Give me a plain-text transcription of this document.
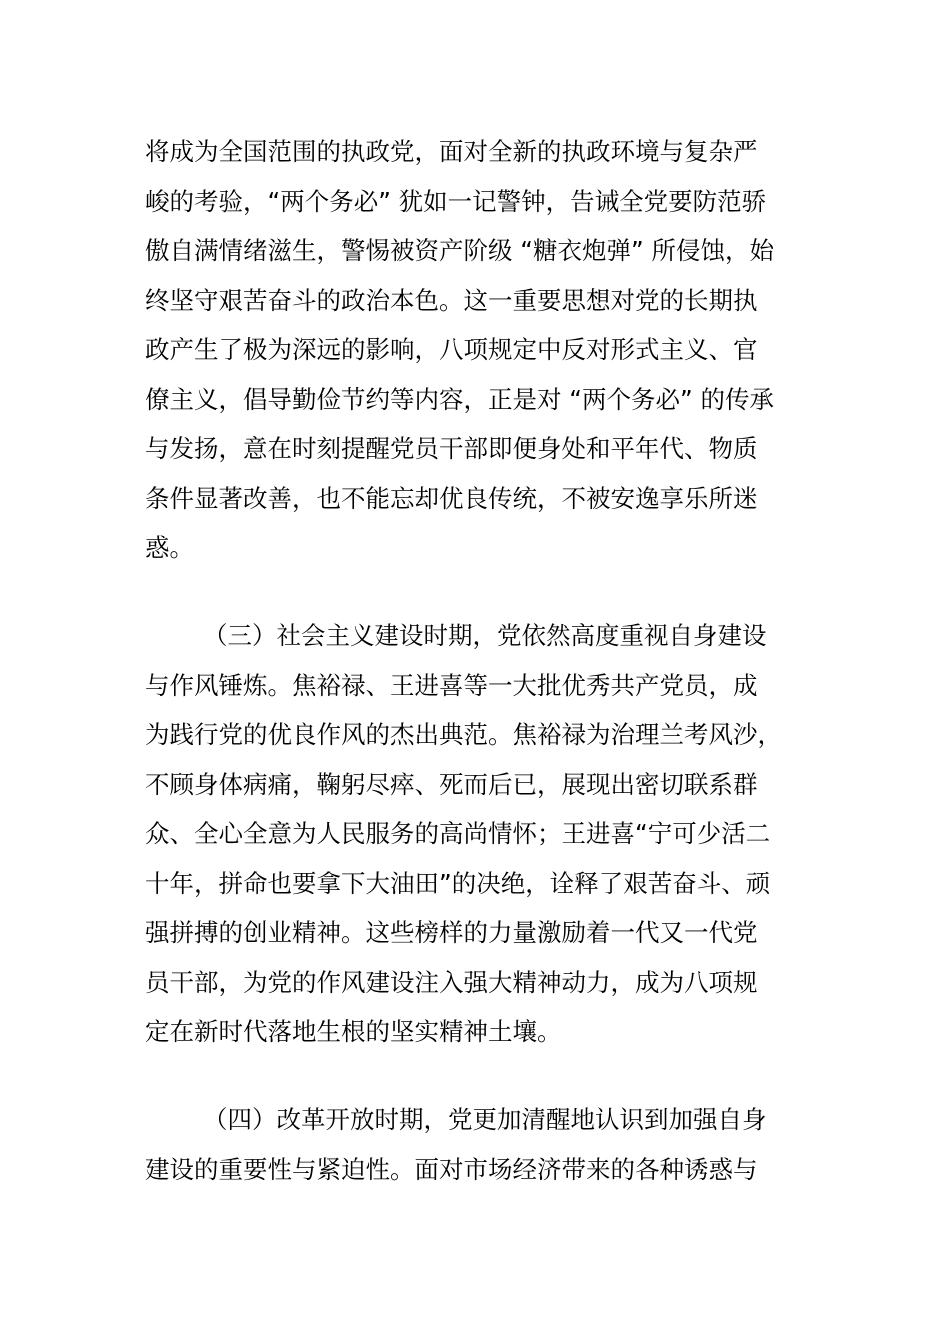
将成为全国范围的执政党，面对全新的执政环境与复杂严
峻的考验，“两个务必” 犹如一记警钟，告诫全党要防范骄
傲自满情绪滋生，警惕被资产阶级 “糖衣炮弹” 所侵蚀，始
终坚守艰苦奋斗的政治本色。这一重要思想对党的长期执
政产生了极为深远的影响，八项规定中反对形式主义、官
僚主义，倡导勤俭节约等内容，正是对 “两个务必” 的传承
与发扬，意在时刻提醒党员干部即便身处和平年代、物质
条件显著改善，也不能忘却优良传统，不被安逸享乐所迷
惑。
（三）社会主义建设时期，党依然高度重视自身建设
与作风锤炼。焦裕禄、王进喜等一大批优秀共产党员，成
为践行党的优良作风的杰出典范。焦裕禄为治理兰考风沙，
不顾身体病痛，鞠躬尽瘁、死而后已，展现出密切联系群
众、全心全意为人民服务的高尚情怀；王进喜“宁可少活二
十年，拼命也要拿下大油田”的决绝，诠释了艰苦奋斗、顽
强拼搏的创业精神。这些榜样的力量激励着一代又一代党
员干部，为党的作风建设注入强大精神动力，成为八项规
定在新时代落地生根的坚实精神土壤。
（四）改革开放时期，党更加清醒地认识到加强自身
建设的重要性与紧迫性。面对市场经济带来的各种诱惑与
